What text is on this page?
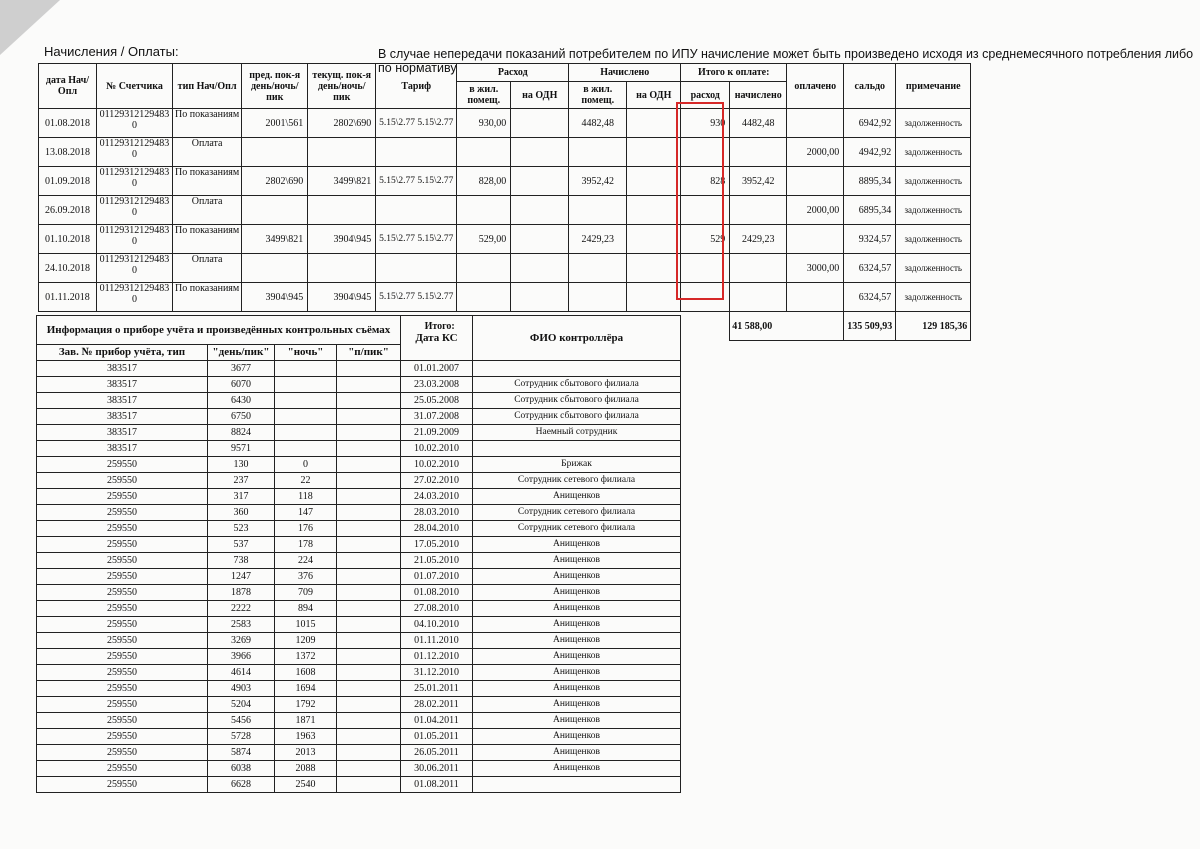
Начисления / Оплаты:	В случае непередачи показаний потребителем по ИПУ начисление может быть произведено исходя из среднемесячного потребления либо по нормативу
дата Нач/Опл	№ Счетчика	тип Нач/Опл	пред. пок-я день/ночь/пик	текущ. пок-я день/ночь/пик	Тариф	Расход		Начислено		Итого к оплате:		оплачено	сальдо	примечание
						в жил. помещ.	на ОДН	в жил. помещ.	на ОДН	расход	начислено			
01.08.2018	01129312129483 0	По показаниям	2001\561	2802\690	5.15\2.77 5.15\2.77	930,00		4482,48		930	4482,48		6942,92	задолженность
13.08.2018	01129312129483 0	Оплата										2000,00	4942,92	задолженность
01.09.2018	01129312129483 0	По показаниям	2802\690	3499\821	5.15\2.77 5.15\2.77	828,00		3952,42		828	3952,42		8895,34	задолженность
26.09.2018	01129312129483 0	Оплата										2000,00	6895,34	задолженность
01.10.2018	01129312129483 0	По показаниям	3499\821	3904\945	5.15\2.77 5.15\2.77	529,00		2429,23		529	2429,23		9324,57	задолженность
24.10.2018	01129312129483 0	Оплата										3000,00	6324,57	задолженность
01.11.2018	01129312129483 0	По показаниям	3904\945	3904\945	5.15\2.77 5.15\2.77								6324,57	задолженность
Итого:											41 588,00		135 509,93	129 185,36
Информация о приборе учёта и произведённых контрольных съёмах				Дата КС	ФИО контроллёра
Зав. № прибор учёта, тип	"день/пик"	"ночь"	"п/пик"		
383517	3677			01.01.2007	
383517	6070			23.03.2008	Сотрудник сбытового филиала
383517	6430			25.05.2008	Сотрудник сбытового филиала
383517	6750			31.07.2008	Сотрудник сбытового филиала
383517	8824			21.09.2009	Наемный сотрудник
383517	9571			10.02.2010	
259550	130	0		10.02.2010	Брижак
259550	237	22		27.02.2010	Сотрудник сетевого филиала
259550	317	118		24.03.2010	Анищенков
259550	360	147		28.03.2010	Сотрудник сетевого филиала
259550	523	176		28.04.2010	Сотрудник сетевого филиала
259550	537	178		17.05.2010	Анищенков
259550	738	224		21.05.2010	Анищенков
259550	1247	376		01.07.2010	Анищенков
259550	1878	709		01.08.2010	Анищенков
259550	2222	894		27.08.2010	Анищенков
259550	2583	1015		04.10.2010	Анищенков
259550	3269	1209		01.11.2010	Анищенков
259550	3966	1372		01.12.2010	Анищенков
259550	4614	1608		31.12.2010	Анищенков
259550	4903	1694		25.01.2011	Анищенков
259550	5204	1792		28.02.2011	Анищенков
259550	5456	1871		01.04.2011	Анищенков
259550	5728	1963		01.05.2011	Анищенков
259550	5874	2013		26.05.2011	Анищенков
259550	6038	2088		30.06.2011	Анищенков
259550	6628	2540		01.08.2011	
